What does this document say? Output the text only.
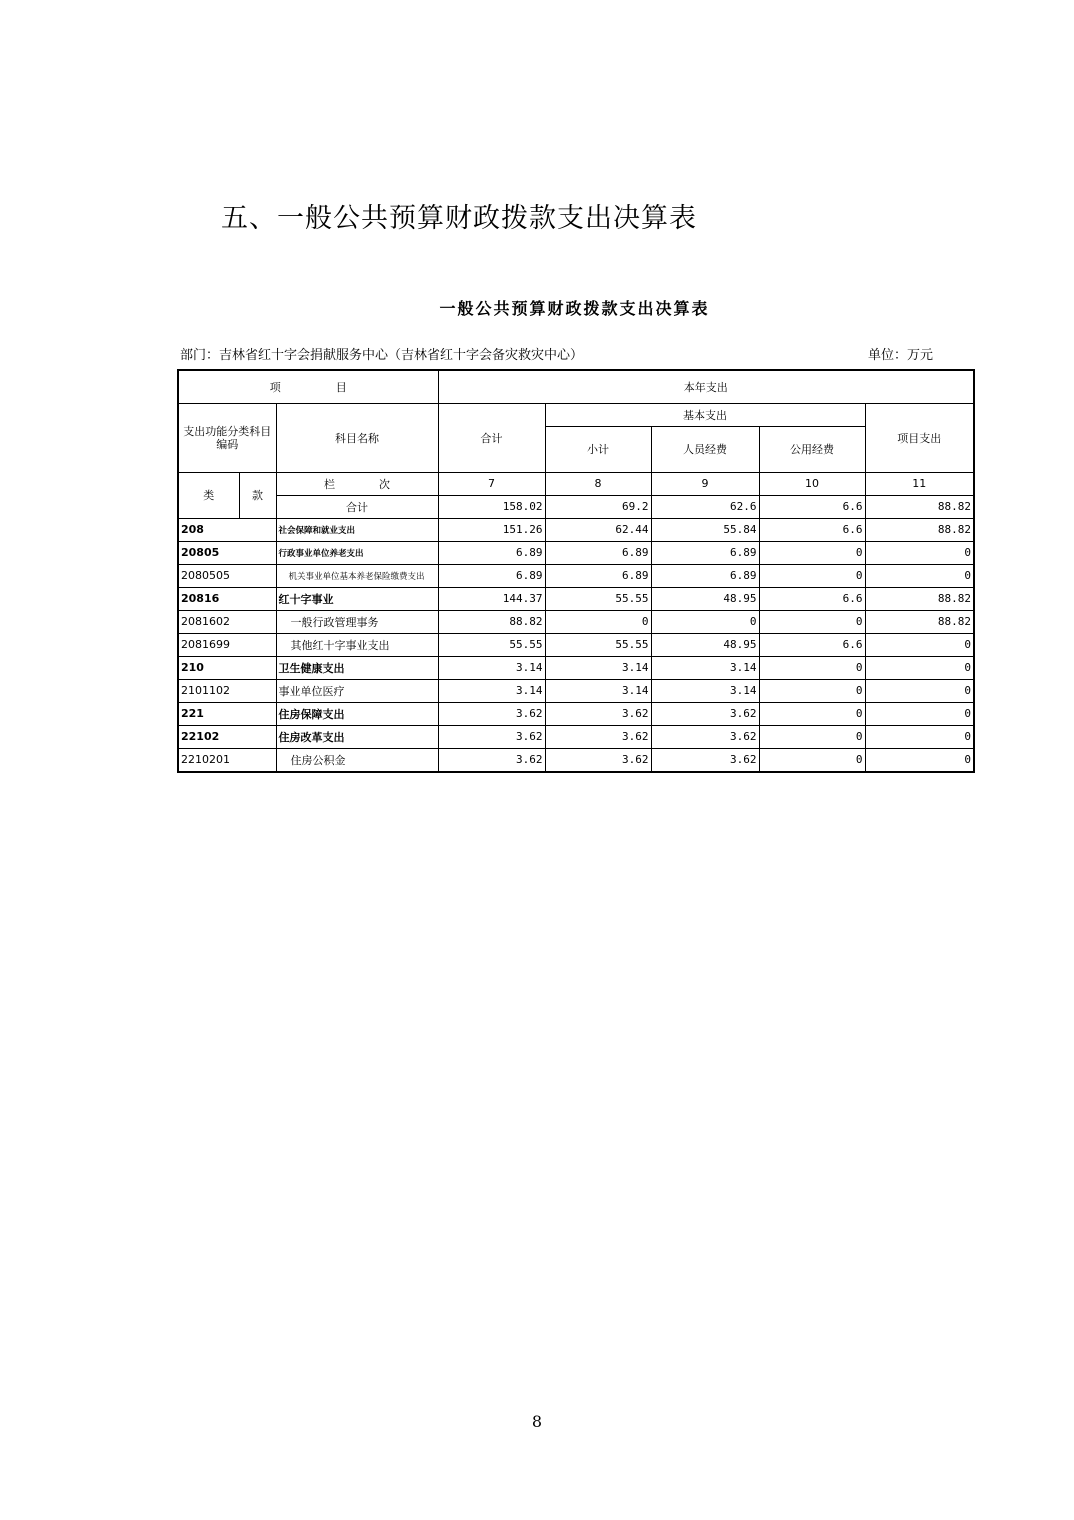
五、一般公共预算财政拨款支出决算表
一般公共预算财政拨款支出决算表
部门：吉林省红十字会捐献服务中心（吉林省红十字会备灾救灾中心）	单位：万元
项　　　　　目			本年支出				
支出功能分类科目编码		科目名称	合计	基本支出			项目支出
				小计	人员经费	公用经费	
类	款	栏　　　　次	7	8	9	10	11
		合计	158.02	69.2	62.6	6.6	88.82
208		社会保障和就业支出	151.26	62.44	55.84	6.6	88.82
20805		行政事业单位养老支出	6.89	6.89	6.89	0	0
2080505		机关事业单位基本养老保险缴费支出	6.89	6.89	6.89	0	0
20816		红十字事业	144.37	55.55	48.95	6.6	88.82
2081602		一般行政管理事务	88.82	0	0	0	88.82
2081699		其他红十字事业支出	55.55	55.55	48.95	6.6	0
210		卫生健康支出	3.14	3.14	3.14	0	0
2101102		事业单位医疗	3.14	3.14	3.14	0	0
221		住房保障支出	3.62	3.62	3.62	0	0
22102		住房改革支出	3.62	3.62	3.62	0	0
2210201		住房公积金	3.62	3.62	3.62	0	0
8
